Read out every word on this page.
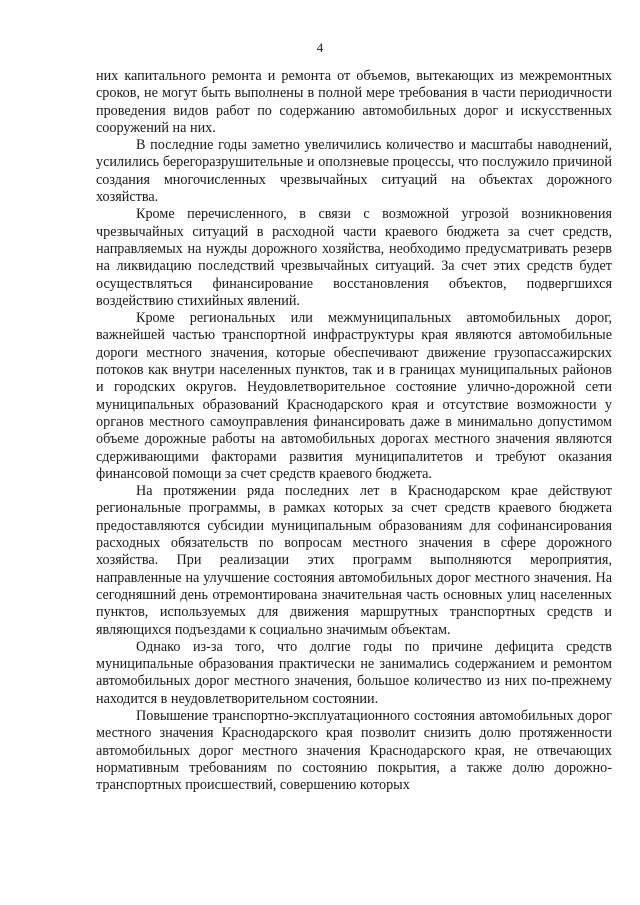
4

них капитального ремонта и ремонта от объемов, вытекающих из межремонтных сроков, не могут быть выполнены в полной мере требования в части периодичности проведения видов работ по содержанию автомобильных дорог и искусственных сооружений на них.

В последние годы заметно увеличились количество и масштабы наводнений, усилились берегоразрушительные и оползневые процессы, что послужило причиной создания многочисленных чрезвычайных ситуаций на объектах дорожного хозяйства.

Кроме перечисленного, в связи с возможной угрозой возникновения чрезвычайных ситуаций в расходной части краевого бюджета за счет средств, направляемых на нужды дорожного хозяйства, необходимо предусматривать резерв на ликвидацию последствий чрезвычайных ситуаций. За счет этих средств будет осуществляться финансирование восстановления объектов, подвергшихся воздействию стихийных явлений.

Кроме региональных или межмуниципальных автомобильных дорог, важнейшей частью транспортной инфраструктуры края являются автомобильные дороги местного значения, которые обеспечивают движение грузопассажирских потоков как внутри населенных пунктов, так и в границах муниципальных районов и городских округов. Неудовлетворительное состояние улично-дорожной сети муниципальных образований Краснодарского края и отсутствие возможности у органов местного самоуправления финансировать даже в минимально допустимом объеме дорожные работы на автомобильных дорогах местного значения являются сдерживающими факторами развития муниципалитетов и требуют оказания финансовой помощи за счет средств краевого бюджета.

На протяжении ряда последних лет в Краснодарском крае действуют региональные программы, в рамках которых за счет средств краевого бюджета предоставляются субсидии муниципальным образованиям для софинансирования расходных обязательств по вопросам местного значения в сфере дорожного хозяйства. При реализации этих программ выполняются мероприятия, направленные на улучшение состояния автомобильных дорог местного значения. На сегодняшний день отремонтирована значительная часть основных улиц населенных пунктов, используемых для движения маршрутных транспортных средств и являющихся подъездами к социально значимым объектам.

Однако из-за того, что долгие годы по причине дефицита средств муниципальные образования практически не занимались содержанием и ремонтом автомобильных дорог местного значения, большое количество из них по-прежнему находится в неудовлетворительном состоянии.

Повышение транспортно-эксплуатационного состояния автомобильных дорог местного значения Краснодарского края позволит снизить долю протяженности автомобильных дорог местного значения Краснодарского края, не отвечающих нормативным требованиям по состоянию покрытия, а также долю дорожно-транспортных происшествий, совершению которых
